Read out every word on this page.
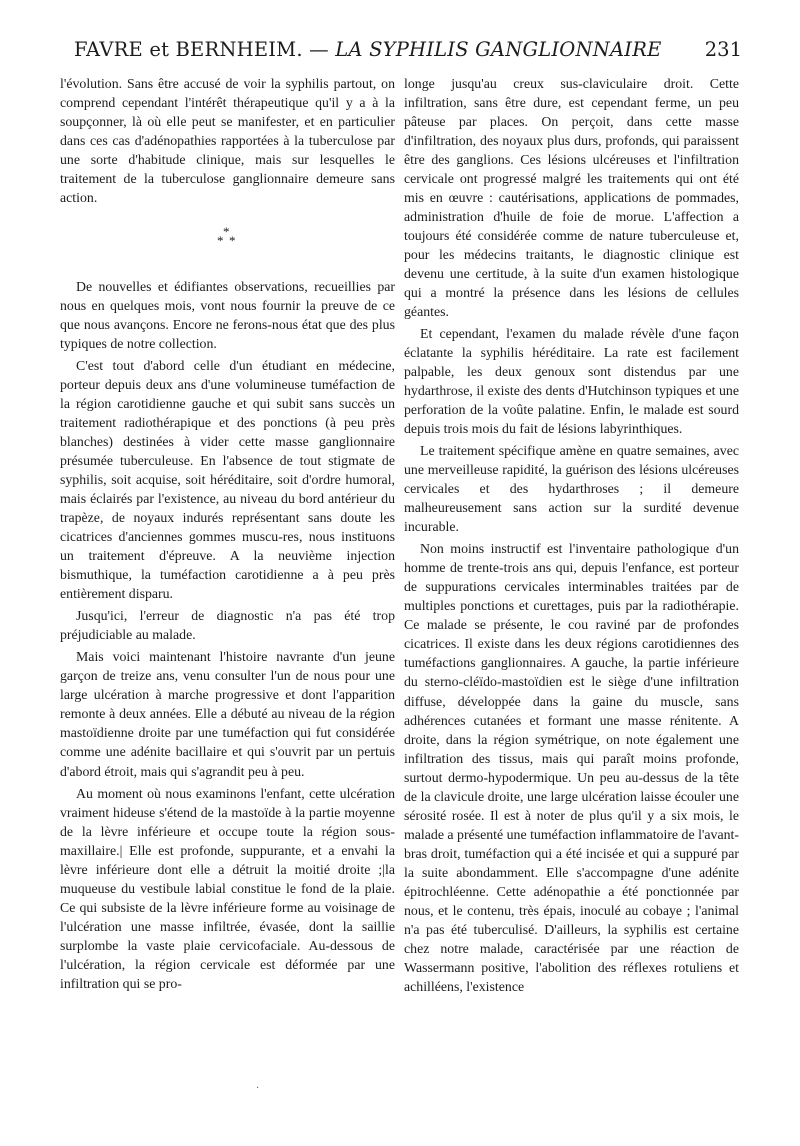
FAVRE et BERNHEIM. — LA SYPHILIS GANGLIONNAIRE 231

l'évolution. Sans être accusé de voir la syphilis partout, on comprend cependant l'intérêt thérapeutique qu'il y a à la soupçonner, là où elle peut se manifester, et en particulier dans ces cas d'adénopathies rapportées à la tuberculose par une sorte d'habitude clinique, mais sur lesquelles le traitement de la tuberculose ganglionnaire demeure sans action.

*
* *

De nouvelles et édifiantes observations, recueillies par nous en quelques mois, vont nous fournir la preuve de ce que nous avançons. Encore ne ferons-nous état que des plus typiques de notre collection.

C'est tout d'abord celle d'un étudiant en médecine, porteur depuis deux ans d'une volumineuse tuméfaction de la région carotidienne gauche et qui subit sans succès un traitement radiothérapique et des ponctions (à peu près blanches) destinées à vider cette masse ganglionnaire présumée tuberculeuse. En l'absence de tout stigmate de syphilis, soit acquise, soit héréditaire, soit d'ordre humoral, mais éclairés par l'existence, au niveau du bord antérieur du trapèze, de noyaux indurés représentant sans doute les cicatrices d'anciennes gommes muscu-res, nous instituons un traitement d'épreuve. A la neuvième injection bismuthique, la tuméfaction carotidienne a à peu près entièrement disparu.

Jusqu'ici, l'erreur de diagnostic n'a pas été trop préjudiciable au malade.

Mais voici maintenant l'histoire navrante d'un jeune garçon de treize ans, venu consulter l'un de nous pour une large ulcération à marche progressive et dont l'apparition remonte à deux années. Elle a débuté au niveau de la région mastoïdienne droite par une tuméfaction qui fut considérée comme une adénite bacillaire et qui s'ouvrit par un pertuis d'abord étroit, mais qui s'agrandit peu à peu.

Au moment où nous examinons l'enfant, cette ulcération vraiment hideuse s'étend de la mastoïde à la partie moyenne de la lèvre inférieure et occupe toute la région sous-maxillaire.| Elle est profonde, suppurante, et a envahi la lèvre inférieure dont elle a détruit la moitié droite ;|la muqueuse du vestibule labial constitue le fond de la plaie. Ce qui subsiste de la lèvre inférieure forme au voisinage de l'ulcération une masse infiltrée, évasée, dont la saillie surplombe la vaste plaie cervicofaciale. Au-dessous de l'ulcération, la région cervicale est déformée par une infiltration qui se pro-

longe jusqu'au creux sus-claviculaire droit. Cette infiltration, sans être dure, est cependant ferme, un peu pâteuse par places. On perçoit, dans cette masse d'infiltration, des noyaux plus durs, profonds, qui paraissent être des ganglions. Ces lésions ulcéreuses et l'infiltration cervicale ont progressé malgré les traitements qui ont été mis en œuvre : cautérisations, applications de pommades, administration d'huile de foie de morue. L'affection a toujours été considérée comme de nature tuberculeuse et, pour les médecins traitants, le diagnostic clinique est devenu une certitude, à la suite d'un examen histologique qui a montré la présence dans les lésions de cellules géantes.

Et cependant, l'examen du malade révèle d'une façon éclatante la syphilis héréditaire. La rate est facilement palpable, les deux genoux sont distendus par une hydarthrose, il existe des dents d'Hutchinson typiques et une perforation de la voûte palatine. Enfin, le malade est sourd depuis trois mois du fait de lésions labyrinthiques.

Le traitement spécifique amène en quatre semaines, avec une merveilleuse rapidité, la guérison des lésions ulcéreuses cervicales et des hydarthroses ; il demeure malheureusement sans action sur la surdité devenue incurable.

Non moins instructif est l'inventaire pathologique d'un homme de trente-trois ans qui, depuis l'enfance, est porteur de suppurations cervicales interminables traitées par de multiples ponctions et curettages, puis par la radiothérapie. Ce malade se présente, le cou raviné par de profondes cicatrices. Il existe dans les deux régions carotidiennes des tuméfactions ganglionnaires. A gauche, la partie inférieure du sterno-cléïdo-mastoïdien est le siège d'une infiltration diffuse, développée dans la gaine du muscle, sans adhérences cutanées et formant une masse rénitente. A droite, dans la région symétrique, on note également une infiltration des tissus, mais qui paraît moins profonde, surtout dermo-hypodermique. Un peu au-dessus de la tête de la clavicule droite, une large ulcération laisse écouler une sérosité rosée. Il est à noter de plus qu'il y a six mois, le malade a présenté une tuméfaction inflammatoire de l'avant-bras droit, tuméfaction qui a été incisée et qui a suppuré par la suite abondamment. Elle s'accompagne d'une adénite épitrochléenne. Cette adénopathie a été ponctionnée par nous, et le contenu, très épais, inoculé au cobaye ; l'animal n'a pas été tuberculisé. D'ailleurs, la syphilis est certaine chez notre malade, caractérisée par une réaction de Wassermann positive, l'abolition des réflexes rotuliens et achilléens, l'existence

.
